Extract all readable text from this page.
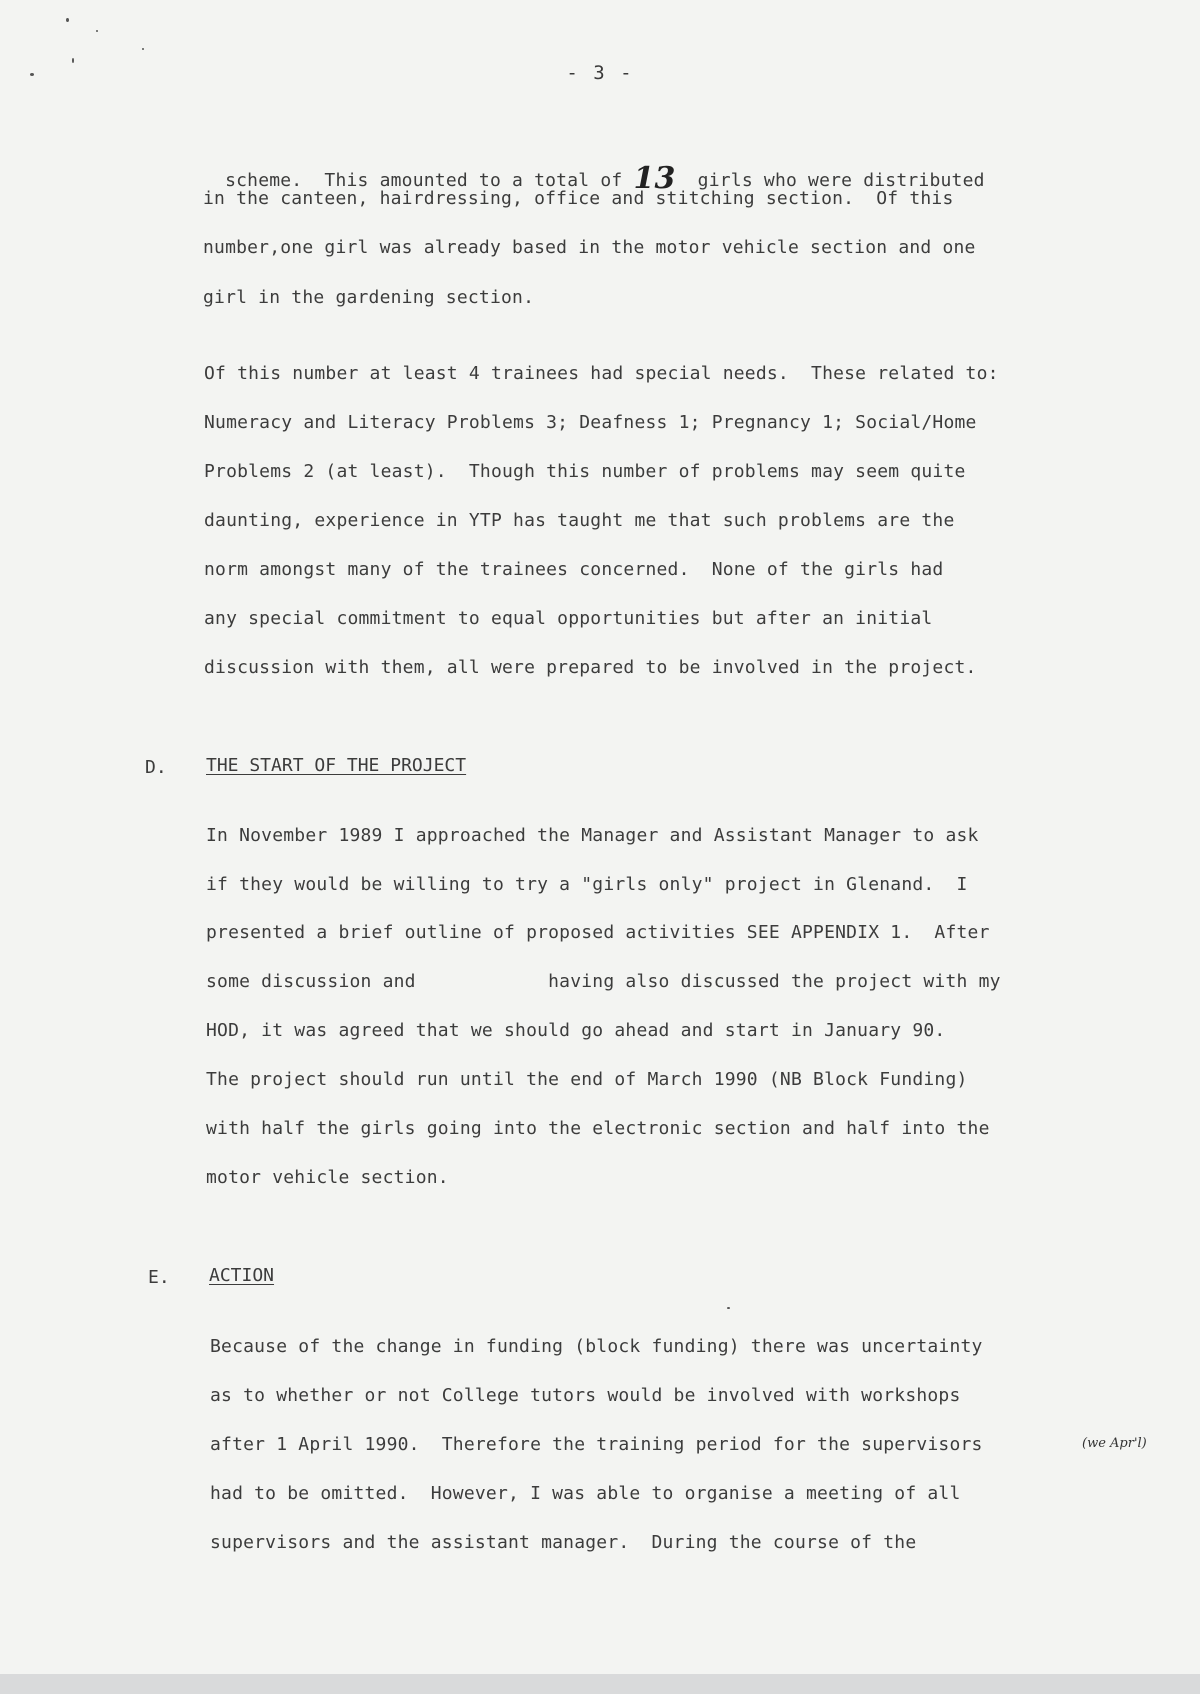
- 3 -

scheme.  This amounted to a total of 13  girls who were distributed

in the canteen, hairdressing, office and stitching section.  Of this
number,one girl was already based in the motor vehicle section and one
girl in the gardening section.
Of this number at least 4 trainees had special needs.  These related to:
Numeracy and Literacy Problems 3; Deafness 1; Pregnancy 1; Social/Home
Problems 2 (at least).  Though this number of problems may seem quite
daunting, experience in YTP has taught me that such problems are the
norm amongst many of the trainees concerned.  None of the girls had
any special commitment to equal opportunities but after an initial
discussion with them, all were prepared to be involved in the project.
D. THE START OF THE PROJECT
In November 1989 I approached the Manager and Assistant Manager to ask
if they would be willing to try a "girls only" project in Glenand.  I
presented a brief outline of proposed activities SEE APPENDIX 1.  After
some discussion and            having also discussed the project with my
HOD, it was agreed that we should go ahead and start in January 90.
The project should run until the end of March 1990 (NB Block Funding)
with half the girls going into the electronic section and half into the
motor vehicle section.
E. ACTION
Because of the change in funding (block funding) there was uncertainty
as to whether or not College tutors would be involved with workshops
after 1 April 1990.  Therefore the training period for the supervisors
had to be omitted.  However, I was able to organise a meeting of all
supervisors and the assistant manager.  During the course of the
(we Apr'l)
